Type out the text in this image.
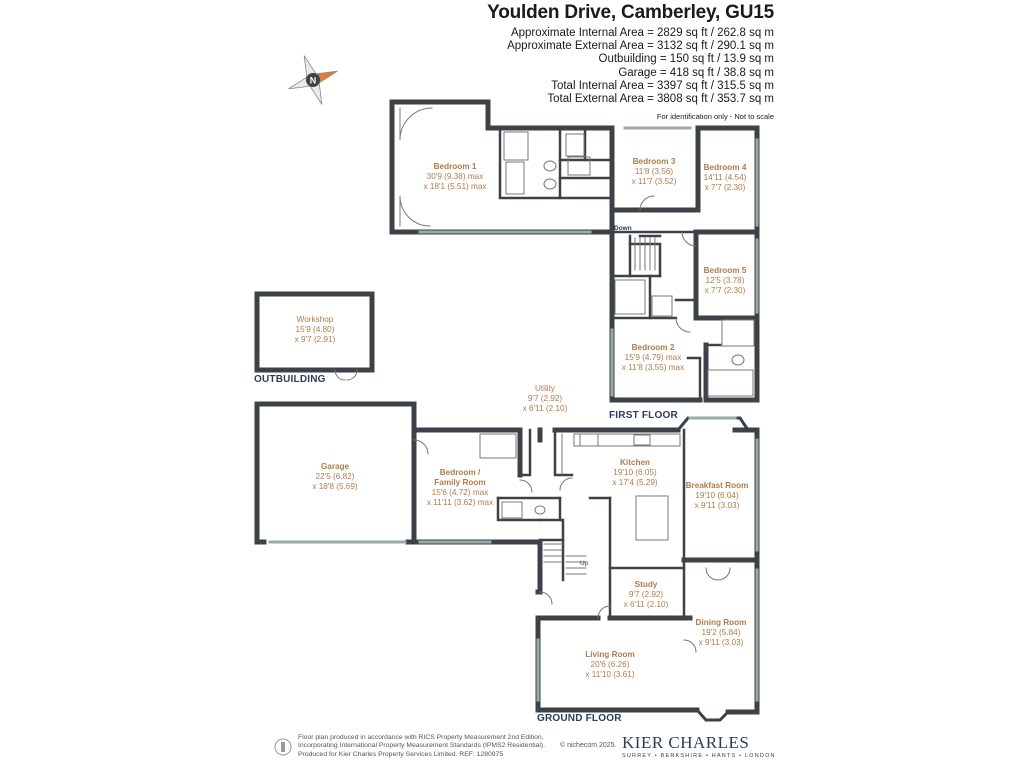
N
Youlden Drive, Camberley, GU15
Approximate Internal Area = 2829 sq ft / 262.8 sq m
Approximate External Area = 3132 sq ft / 290.1 sq m
Outbuilding = 150 sq ft / 13.9 sq m
Garage = 418 sq ft / 38.8 sq m
Total Internal Area = 3397 sq ft / 315.5 sq m
Total External Area = 3808 sq ft / 353.7 sq m
For identification only - Not to scale
Bedroom 1
30'9 (9.38) max
x 18'1 (5.51) max
Bedroom 3
11'8 (3.56)
x 11'7 (3.52)
Bedroom 4
14'11 (4.54)
x 7'7 (2.30)
Bedroom 5
12'5 (3.78)
x 7'7 (2.30)
Bedroom 2
15'9 (4.79) max
x 11'8 (3.55) max
Workshop
15'9 (4.80)
x 9'7 (2.91)
Utility
9'7 (2.92)
x 6'11 (2.10)
Garage
22'5 (6.82)
x 18'8 (5.69)
Bedroom /
Family Room
15'6 (4.72) max
x 11'11 (3.62) max
Kitchen
19'10 (6.05)
x 17'4 (5.29)	Breakfast Room
19'10 (6.04)
x 9'11 (3.03)
Study
9'7 (2.92)
x 6'11 (2.10)
Dining Room
19'2 (5.84)
x 9'11 (3.03)
Living Room
20'6 (6.26)
x 11'10 (3.61)
Down
Up
FIRST FLOOR
GROUND FLOOR
OUTBUILDING
Floor plan produced in accordance with RICS Property Measurement 2nd Edition,
Incorporating International Property Measurement Standards (IPMS2 Residential).
Produced for Kier Charles Property Services Limited. REF: 1280975
© nichecom 2025. KIER CHARLES
SURREY • BERKSHIRE • HANTS • LONDON
